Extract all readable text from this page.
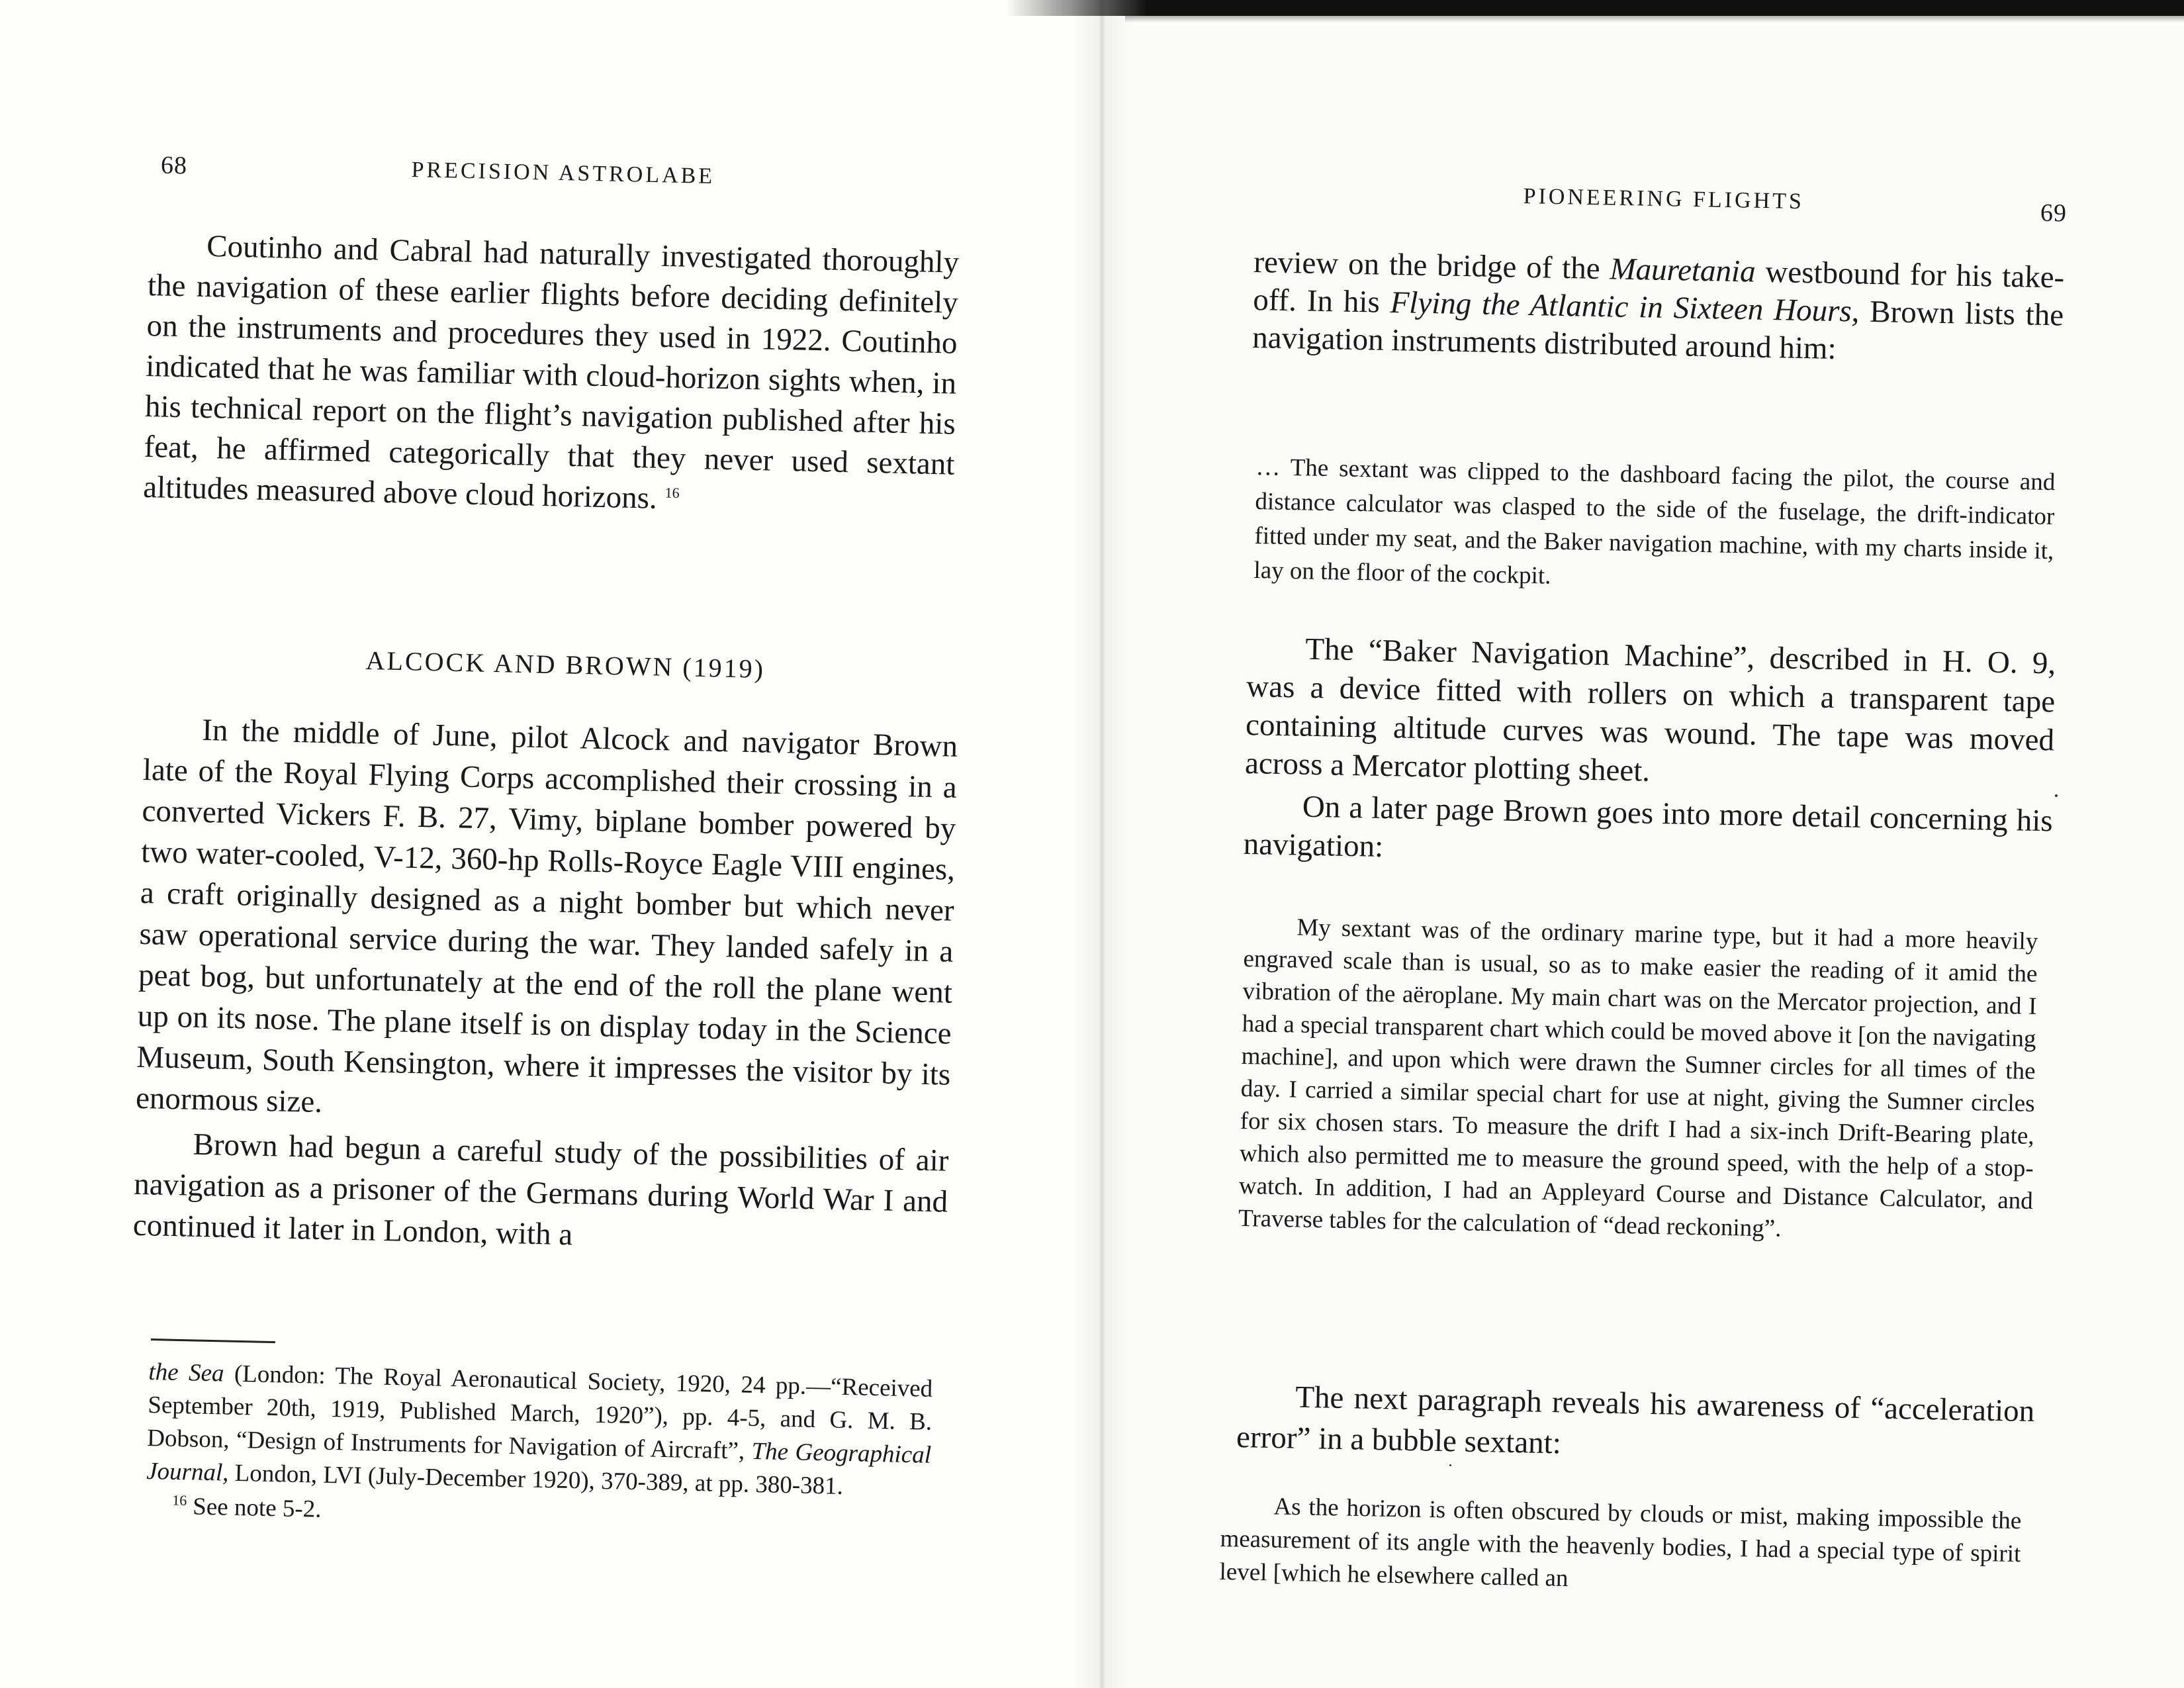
68	PRECISION ASTROLABE

Coutinho and Cabral had naturally investigated thoroughly the navigation of these earlier flights before deciding definitely on the instruments and procedures they used in 1922. Coutinho indicated that he was familiar with cloud-horizon sights when, in his technical report on the flight’s navigation published after his feat, he affirmed categorically that they never used sextant altitudes measured above cloud horizons. $^{16}$

ALCOCK AND BROWN (1919)

In the middle of June, pilot Alcock and navigator Brown late of the Royal Flying Corps accomplished their crossing in a converted Vickers F. B. 27, Vimy, biplane bomber powered by two water-cooled, V-12, 360-hp Rolls-Royce Eagle VIII engines, a craft originally designed as a night bomber but which never saw operational service during the war. They landed safely in a peat bog, but unfortunately at the end of the roll the plane went up on its nose. The plane itself is on display today in the Science Museum, South Kensington, where it impresses the visitor by its enormous size.

Brown had begun a careful study of the possibilities of air navigation as a prisoner of the Germans during World War I and continued it later in London, with a

the Sea (London: The Royal Aeronautical Society, 1920, 24 pp.—“Received September 20th, 1919, Published March, 1920”), pp. 4-5, and G. M. B. Dobson, “Design of Instruments for Navigation of Aircraft”, The Geographical Journal, London, LVI (July-December 1920), 370-389, at pp. 380-381.

$^{16}$ See note 5-2.

PIONEERING FLIGHTS	69

review on the bridge of the Mauretania westbound for his take-off. In his Flying the Atlantic in Sixteen Hours, Brown lists the navigation instruments distributed around him:

… The sextant was clipped to the dashboard facing the pilot, the course and distance calculator was clasped to the side of the fuselage, the drift-indicator fitted under my seat, and the Baker navigation machine, with my charts inside it, lay on the floor of the cockpit.

The “Baker Navigation Machine”, described in H. O. 9, was a device fitted with rollers on which a transparent tape containing altitude curves was wound. The tape was moved across a Mercator plotting sheet.

On a later page Brown goes into more detail concerning his navigation:

My sextant was of the ordinary marine type, but it had a more heavily engraved scale than is usual, so as to make easier the reading of it amid the vibration of the aëroplane. My main chart was on the Mercator projection, and I had a special transparent chart which could be moved above it [on the navigating machine], and upon which were drawn the Sumner circles for all times of the day. I carried a similar special chart for use at night, giving the Sumner circles for six chosen stars. To measure the drift I had a six-inch Drift-Bearing plate, which also permitted me to measure the ground speed, with the help of a stop-watch. In addition, I had an Appleyard Course and Distance Calculator, and Traverse tables for the calculation of “dead reckoning”.

The next paragraph reveals his awareness of “acceleration error” in a bubble sextant:

As the horizon is often obscured by clouds or mist, making impossible the measurement of its angle with the heavenly bodies, I had a special type of spirit level [which he elsewhere called an
